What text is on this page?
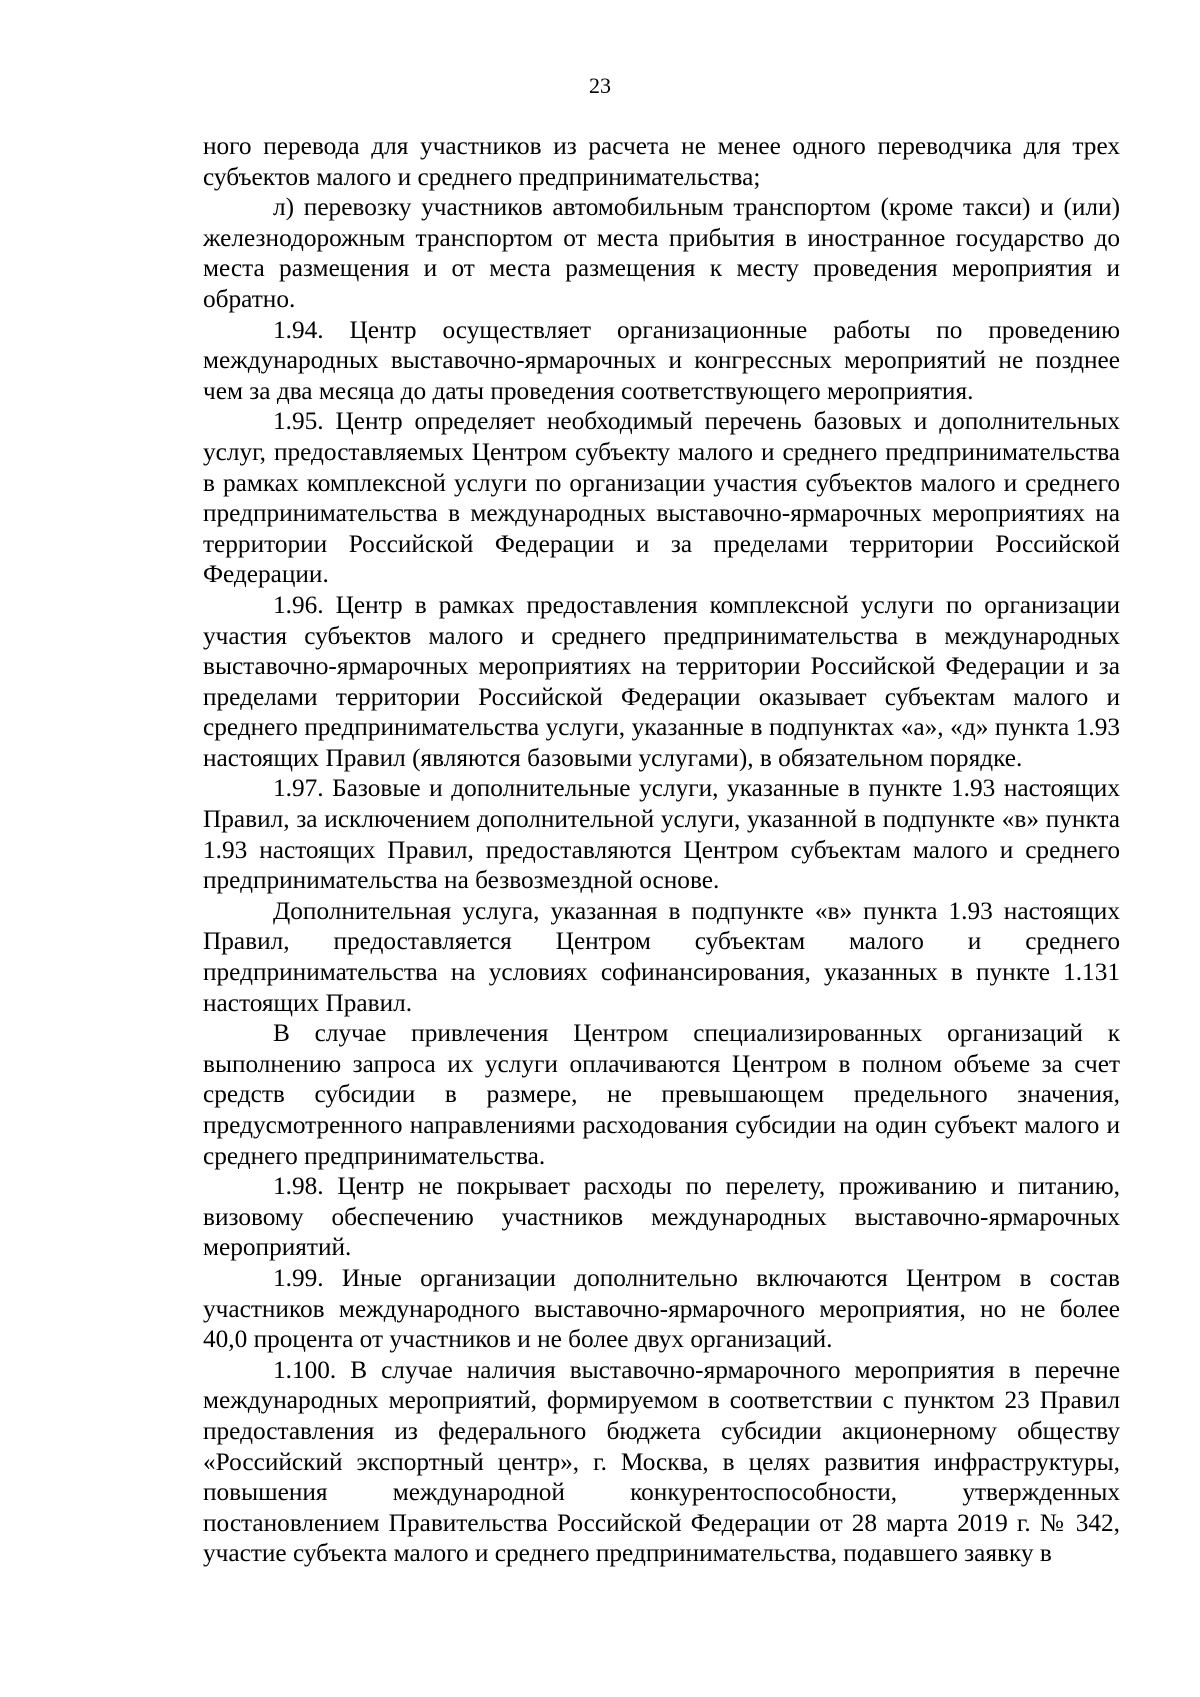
23

ного перевода для участников из расчета не менее одного переводчика для трех субъектов малого и среднего предпринимательства;

л) перевозку участников автомобильным транспортом (кроме такси) и (или) железнодорожным транспортом от места прибытия в иностранное государство до места размещения и от места размещения к месту проведения мероприятия и обратно.

1.94. Центр осуществляет организационные работы по проведению международных выставочно-ярмарочных и конгрессных мероприятий не позднее чем за два месяца до даты проведения соответствующего мероприятия.

1.95. Центр определяет необходимый перечень базовых и дополнительных услуг, предоставляемых Центром субъекту малого и среднего предпринимательства в рамках комплексной услуги по организации участия субъектов малого и среднего предпринимательства в международных выставочно-ярмарочных мероприятиях на территории Российской Федерации и за пределами территории Российской Федерации.

1.96. Центр в рамках предоставления комплексной услуги по организации участия субъектов малого и среднего предпринимательства в международных выставочно-ярмарочных мероприятиях на территории Российской Федерации и за пределами территории Российской Федерации оказывает субъектам малого и среднего предпринимательства услуги, указанные в подпунктах «а», «д» пункта 1.93 настоящих Правил (являются базовыми услугами), в обязательном порядке.

1.97. Базовые и дополнительные услуги, указанные в пункте 1.93 настоящих Правил, за исключением дополнительной услуги, указанной в подпункте «в» пункта 1.93 настоящих Правил, предоставляются Центром субъектам малого и среднего предпринимательства на безвозмездной основе.

Дополнительная услуга, указанная в подпункте «в» пункта 1.93 настоящих Правил, предоставляется Центром субъектам малого и среднего предпринимательства на условиях софинансирования, указанных в пункте 1.131 настоящих Правил.

В случае привлечения Центром специализированных организаций к выполнению запроса их услуги оплачиваются Центром в полном объеме за счет средств субсидии в размере, не превышающем предельного значения, предусмотренного направлениями расходования субсидии на один субъект малого и среднего предпринимательства.

1.98. Центр не покрывает расходы по перелету, проживанию и питанию, визовому обеспечению участников международных выставочно-ярмарочных мероприятий.

1.99. Иные организации дополнительно включаются Центром в состав участников международного выставочно-ярмарочного мероприятия, но не более 40,0 процента от участников и не более двух организаций.

1.100. В случае наличия выставочно-ярмарочного мероприятия в перечне международных мероприятий, формируемом в соответствии с пунктом 23 Правил предоставления из федерального бюджета субсидии акционерному обществу «Российский экспортный центр», г. Москва, в целях развития инфраструктуры, повышения международной конкурентоспособности, утвержденных постановлением Правительства Российской Федерации от 28 марта 2019 г. № 342, участие субъекта малого и среднего предпринимательства, подавшего заявку в
